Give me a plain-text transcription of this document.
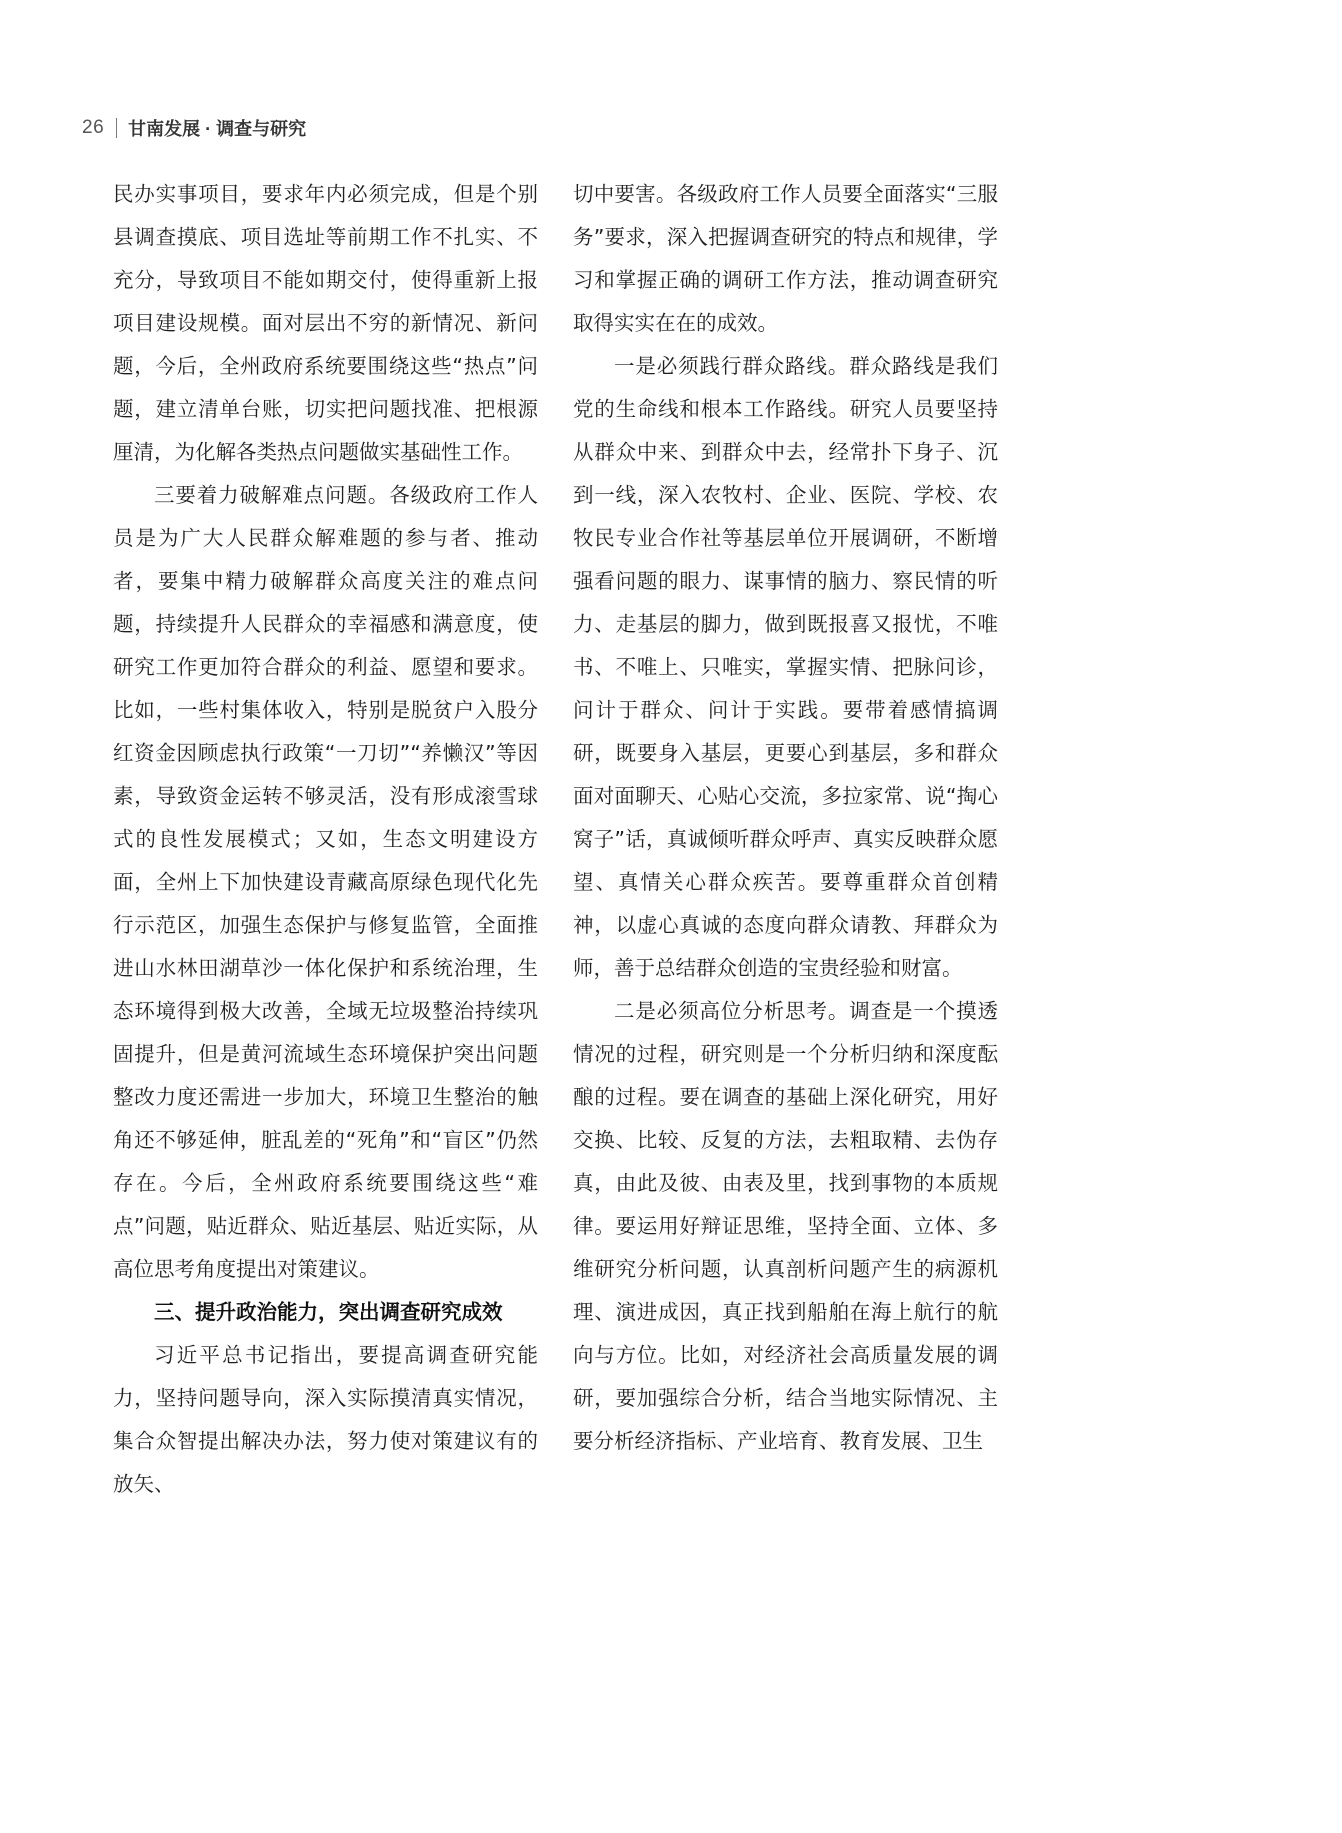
26 甘南发展 · 调查与研究

民办实事项目，要求年内必须完成，但是个别县调查摸底、项目选址等前期工作不扎实、不充分，导致项目不能如期交付，使得重新上报项目建设规模。面对层出不穷的新情况、新问题，今后，全州政府系统要围绕这些“热点”问题，建立清单台账，切实把问题找准、把根源厘清，为化解各类热点问题做实基础性工作。

三要着力破解难点问题。各级政府工作人员是为广大人民群众解难题的参与者、推动者，要集中精力破解群众高度关注的难点问题，持续提升人民群众的幸福感和满意度，使研究工作更加符合群众的利益、愿望和要求。比如，一些村集体收入，特别是脱贫户入股分红资金因顾虑执行政策“一刀切”“养懒汉”等因素，导致资金运转不够灵活，没有形成滚雪球式的良性发展模式；又如，生态文明建设方面，全州上下加快建设青藏高原绿色现代化先行示范区，加强生态保护与修复监管，全面推进山水林田湖草沙一体化保护和系统治理，生态环境得到极大改善，全域无垃圾整治持续巩固提升，但是黄河流域生态环境保护突出问题整改力度还需进一步加大，环境卫生整治的触角还不够延伸，脏乱差的“死角”和“盲区”仍然存在。今后，全州政府系统要围绕这些“难点”问题，贴近群众、贴近基层、贴近实际，从高位思考角度提出对策建议。

三、提升政治能力，突出调查研究成效

习近平总书记指出，要提高调查研究能力，坚持问题导向，深入实际摸清真实情况，集合众智提出解决办法，努力使对策建议有的放矢、

切中要害。各级政府工作人员要全面落实“三服务”要求，深入把握调查研究的特点和规律，学习和掌握正确的调研工作方法，推动调查研究取得实实在在的成效。

一是必须践行群众路线。群众路线是我们党的生命线和根本工作路线。研究人员要坚持从群众中来、到群众中去，经常扑下身子、沉到一线，深入农牧村、企业、医院、学校、农牧民专业合作社等基层单位开展调研，不断增强看问题的眼力、谋事情的脑力、察民情的听力、走基层的脚力，做到既报喜又报忧，不唯书、不唯上、只唯实，掌握实情、把脉问诊，问计于群众、问计于实践。要带着感情搞调研，既要身入基层，更要心到基层，多和群众面对面聊天、心贴心交流，多拉家常、说“掏心窝子”话，真诚倾听群众呼声、真实反映群众愿望、真情关心群众疾苦。要尊重群众首创精神，以虚心真诚的态度向群众请教、拜群众为师，善于总结群众创造的宝贵经验和财富。

二是必须高位分析思考。调查是一个摸透情况的过程，研究则是一个分析归纳和深度酝酿的过程。要在调查的基础上深化研究，用好交换、比较、反复的方法，去粗取精、去伪存真，由此及彼、由表及里，找到事物的本质规律。要运用好辩证思维，坚持全面、立体、多维研究分析问题，认真剖析问题产生的病源机理、演进成因，真正找到船舶在海上航行的航向与方位。比如，对经济社会高质量发展的调研，要加强综合分析，结合当地实际情况、主要分析经济指标、产业培育、教育发展、卫生
